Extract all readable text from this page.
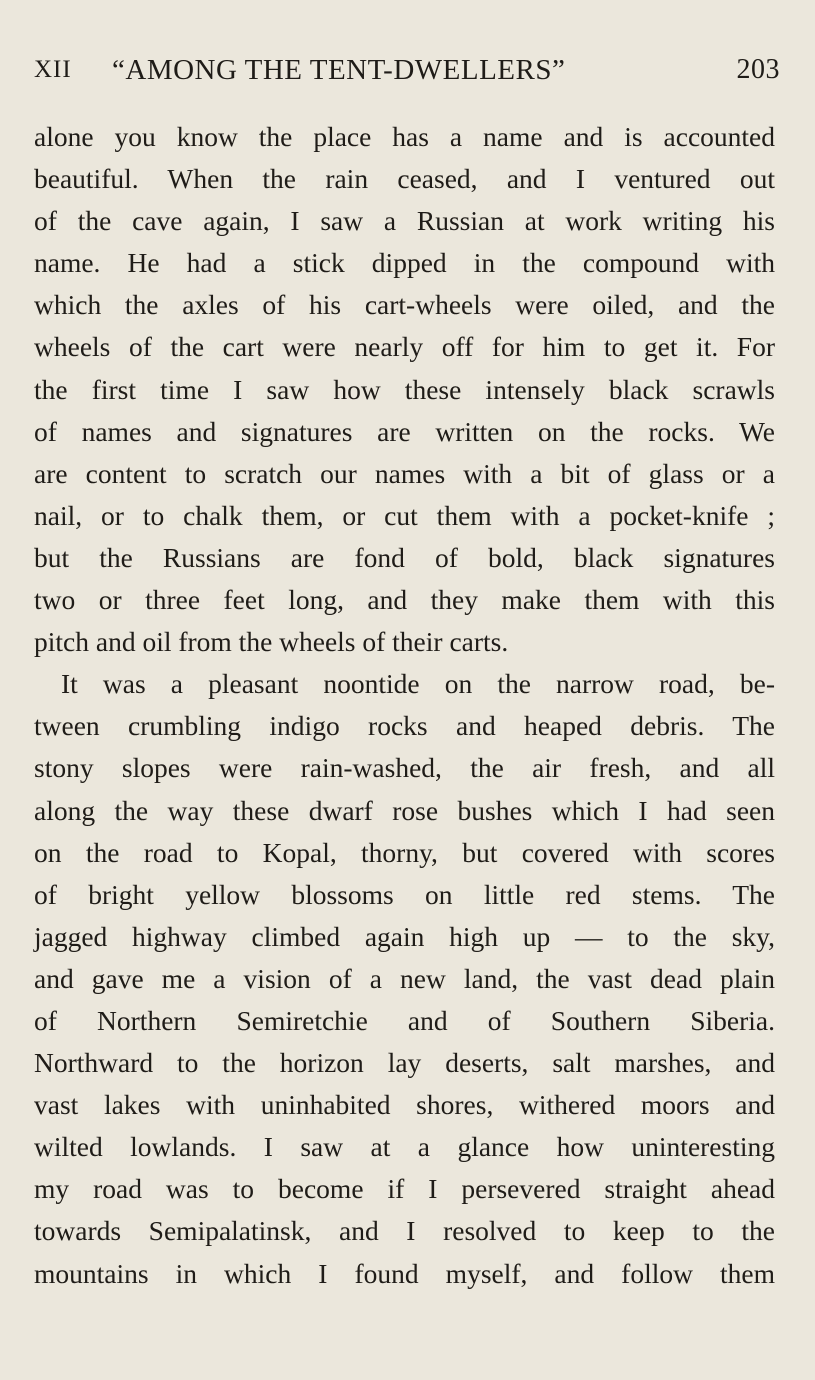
XII “AMONG THE TENT-DWELLERS”	203
alone you know the place has a name and is accounted
beautiful. When the rain ceased, and I ventured out
of the cave again, I saw a Russian at work writing his
name. He had a stick dipped in the compound with
which the axles of his cart-wheels were oiled, and the
wheels of the cart were nearly off for him to get it. For
the first time I saw how these intensely black scrawls
of names and signatures are written on the rocks. We
are content to scratch our names with a bit of glass or a
nail, or to chalk them, or cut them with a pocket-knife ;
but the Russians are fond of bold, black signatures
two or three feet long, and they make them with this
pitch and oil from the wheels of their carts.
It was a pleasant noontide on the narrow road, be-
tween crumbling indigo rocks and heaped debris. The
stony slopes were rain-washed, the air fresh, and all
along the way these dwarf rose bushes which I had seen
on the road to Kopal, thorny, but covered with scores
of bright yellow blossoms on little red stems. The
jagged highway climbed again high up — to the sky,
and gave me a vision of a new land, the vast dead plain
of Northern Semiretchie and of Southern Siberia.
Northward to the horizon lay deserts, salt marshes, and
vast lakes with uninhabited shores, withered moors and
wilted lowlands. I saw at a glance how uninteresting
my road was to become if I persevered straight ahead
towards Semipalatinsk, and I resolved to keep to the
mountains in which I found myself, and follow them
